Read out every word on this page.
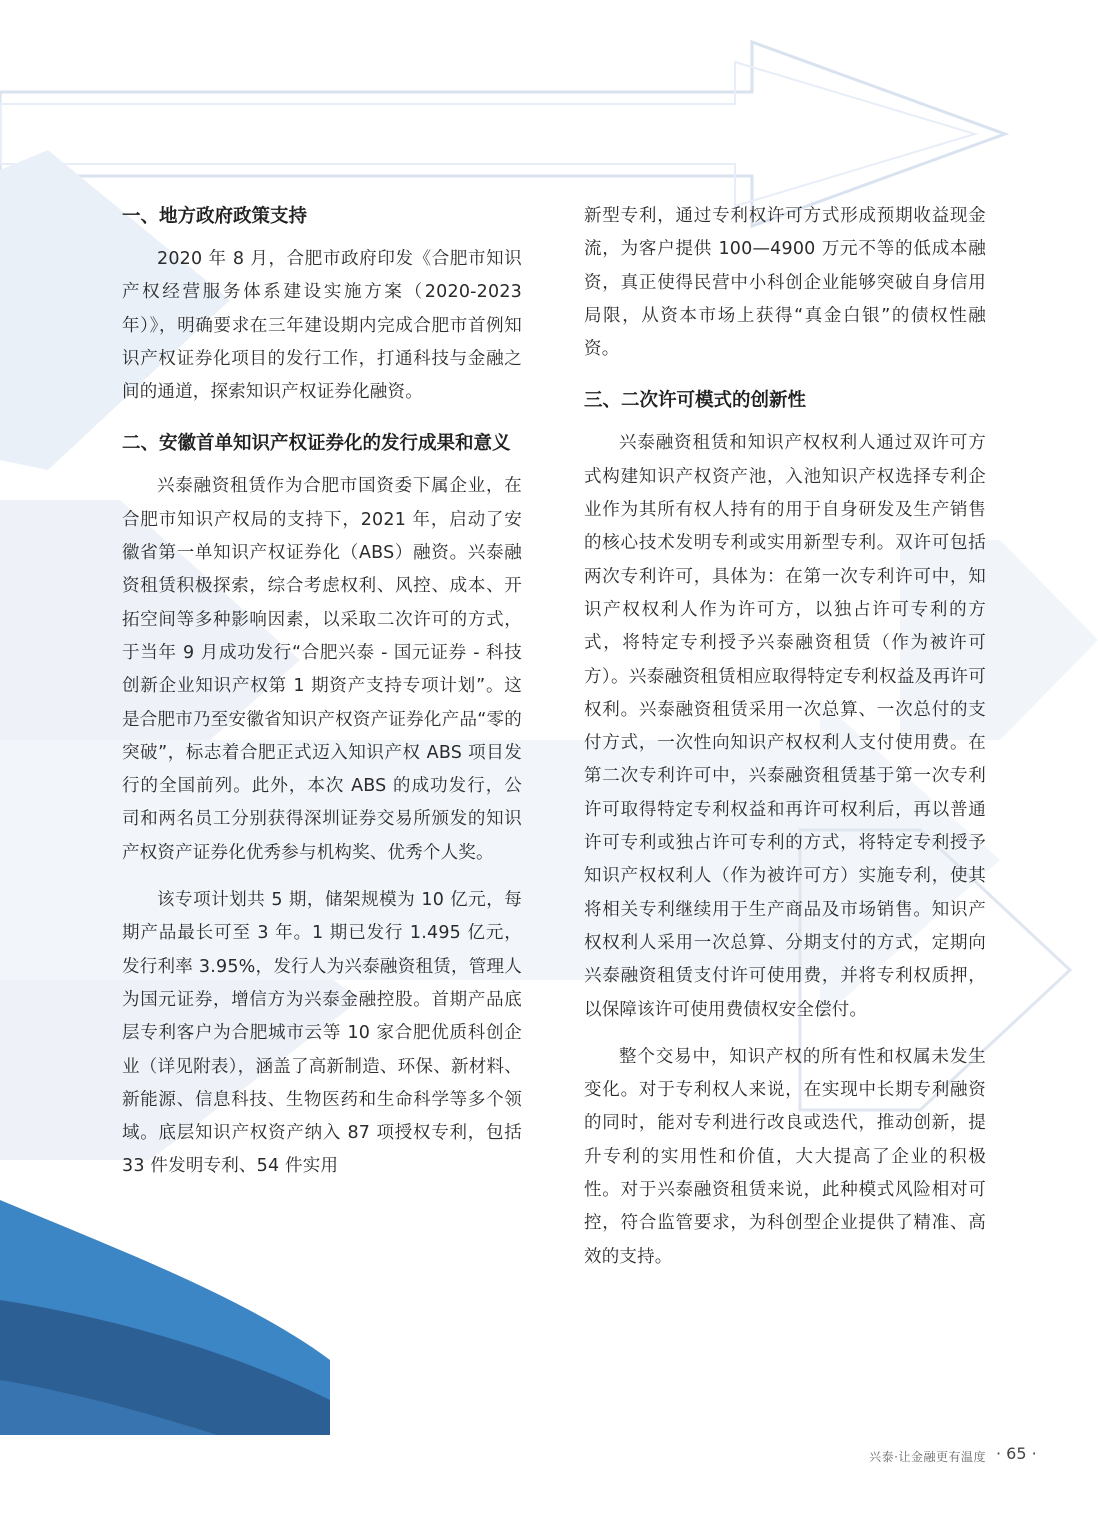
一、地方政府政策支持

2020 年 8 月，合肥市政府印发《合肥市知识产权经营服务体系建设实施方案（2020-2023 年）》，明确要求在三年建设期内完成合肥市首例知识产权证券化项目的发行工作，打通科技与金融之间的通道，探索知识产权证券化融资。

二、安徽首单知识产权证券化的发行成果和意义

兴泰融资租赁作为合肥市国资委下属企业，在合肥市知识产权局的支持下，2021 年，启动了安徽省第一单知识产权证券化（ABS）融资。兴泰融资租赁积极探索，综合考虑权利、风控、成本、开拓空间等多种影响因素，以采取二次许可的方式，于当年 9 月成功发行“合肥兴泰 - 国元证券 - 科技创新企业知识产权第 1 期资产支持专项计划”。这是合肥市乃至安徽省知识产权资产证券化产品“零的突破”，标志着合肥正式迈入知识产权 ABS 项目发行的全国前列。此外，本次 ABS 的成功发行，公司和两名员工分别获得深圳证券交易所颁发的知识产权资产证券化优秀参与机构奖、优秀个人奖。

该专项计划共 5 期，储架规模为 10 亿元，每期产品最长可至 3 年。1 期已发行 1.495 亿元，发行利率 3.95%，发行人为兴泰融资租赁，管理人为国元证券，增信方为兴泰金融控股。首期产品底层专利客户为合肥城市云等 10 家合肥优质科创企业（详见附表），涵盖了高新制造、环保、新材料、新能源、信息科技、生物医药和生命科学等多个领域。底层知识产权资产纳入 87 项授权专利，包括 33 件发明专利、54 件实用

新型专利，通过专利权许可方式形成预期收益现金流，为客户提供 100—4900 万元不等的低成本融资，真正使得民营中小科创企业能够突破自身信用局限，从资本市场上获得“真金白银”的债权性融资。

三、二次许可模式的创新性

兴泰融资租赁和知识产权权利人通过双许可方式构建知识产权资产池，入池知识产权选择专利企业作为其所有权人持有的用于自身研发及生产销售的核心技术发明专利或实用新型专利。双许可包括两次专利许可，具体为：在第一次专利许可中，知识产权权利人作为许可方，以独占许可专利的方式，将特定专利授予兴泰融资租赁（作为被许可方）。兴泰融资租赁相应取得特定专利权益及再许可权利。兴泰融资租赁采用一次总算、一次总付的支付方式，一次性向知识产权权利人支付使用费。在第二次专利许可中，兴泰融资租赁基于第一次专利许可取得特定专利权益和再许可权利后，再以普通许可专利或独占许可专利的方式，将特定专利授予知识产权权利人（作为被许可方）实施专利，使其将相关专利继续用于生产商品及市场销售。知识产权权利人采用一次总算、分期支付的方式，定期向兴泰融资租赁支付许可使用费，并将专利权质押，以保障该许可使用费债权安全偿付。

整个交易中，知识产权的所有性和权属未发生变化。对于专利权人来说，在实现中长期专利融资的同时，能对专利进行改良或迭代，推动创新，提升专利的实用性和价值，大大提高了企业的积极性。对于兴泰融资租赁来说，此种模式风险相对可控，符合监管要求，为科创型企业提供了精准、高效的支持。

兴泰·让金融更有温度 · 65 ·
